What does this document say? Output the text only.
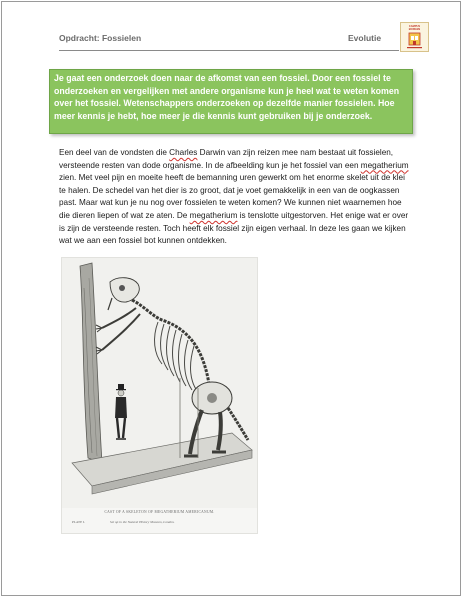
Opdracht: Fossielen	Evolutie
CAMPUS
BORGEN
Je gaat een onderzoek doen naar de afkomst van een fossiel. Door een fossiel te onderzoeken en vergelijken met andere organisme kun je heel wat te weten komen over het fossiel. Wetenschappers onderzoeken op dezelfde manier fossielen. Hoe meer kennis je hebt, hoe meer je die kennis kunt gebruiken bij je onderzoek.
Een deel van de vondsten die Charles Darwin van zijn reizen mee nam bestaat uit fossielen, versteende resten van dode organisme. In de afbeelding kun je het fossiel van een megatherium zien. Met veel pijn en moeite heeft de bemanning uren gewerkt om het enorme skelet uit de klei te halen. De schedel van het dier is zo groot, dat je voet gemakkelijk in een van de oogkassen past. Maar wat kun je nu nog over fossielen te weten komen? We kunnen niet waarnemen hoe die dieren liepen of wat ze aten. De megatherium is tenslotte uitgestorven. Het enige wat er over is zijn de versteende resten. Toch heeft elk fossiel zijn eigen verhaal. In deze les gaan we kijken wat we aan een fossiel bot kunnen ontdekken.
CAST OF A SKELETON OF MEGATHERIUM AMERICANUM.
PLATE I.	Set up in the Natural History Museum, London.
